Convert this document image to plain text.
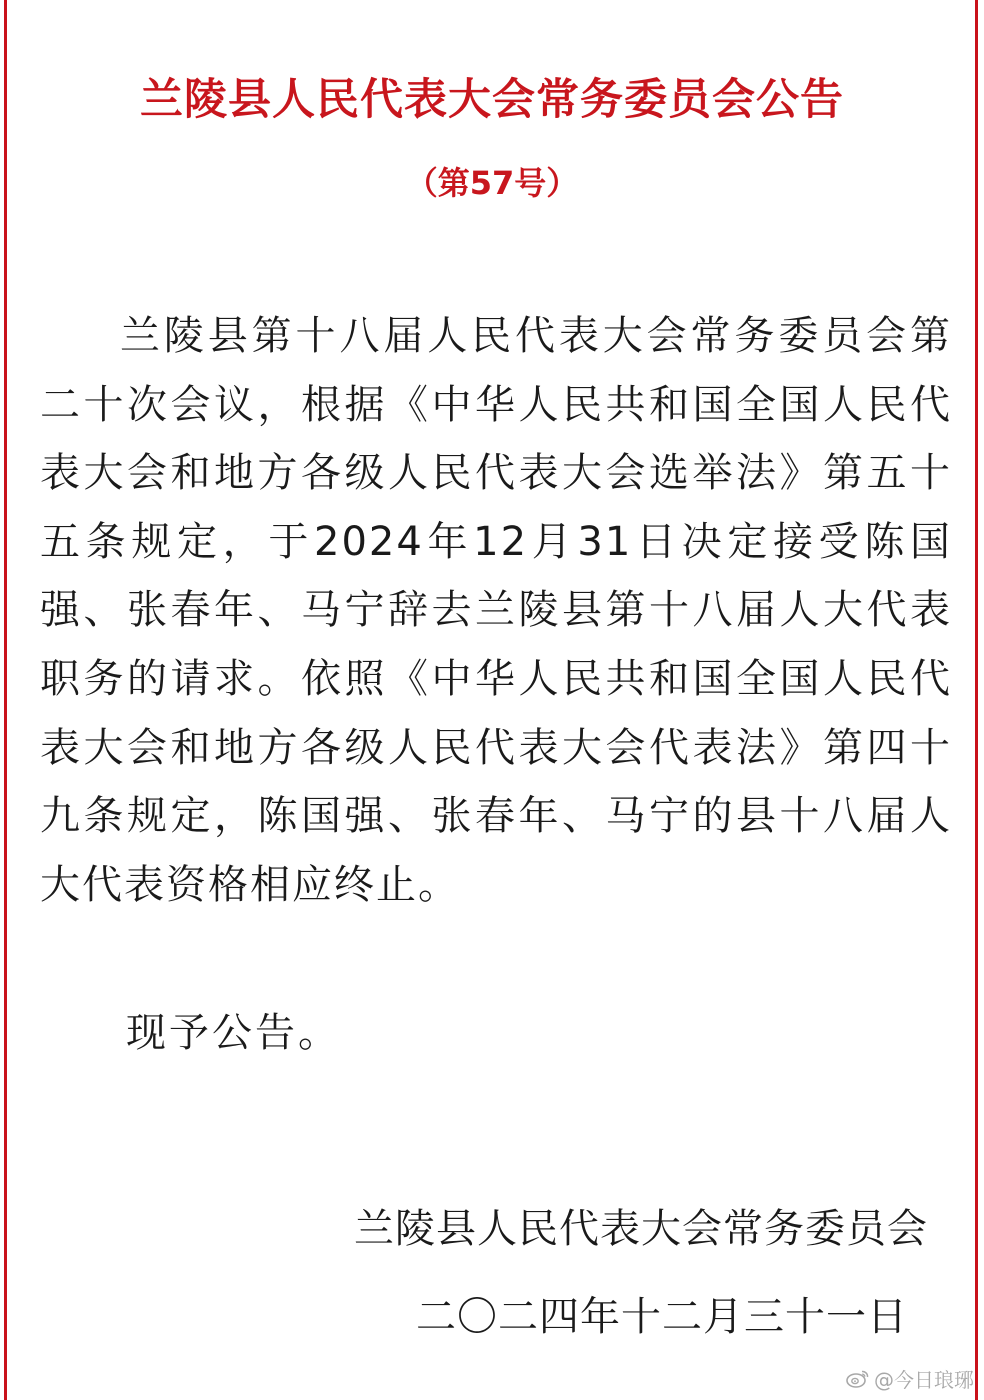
兰陵县人民代表大会常务委员会公告
（第57号）
兰陵县第十八届人民代表大会常务委员会第二十次会议，根据《中华人民共和国全国人民代表大会和地方各级人民代表大会选举法》第五十五条规定，于2024年12月31日决定接受陈国强、张春年、马宁辞去兰陵县第十八届人大代表职务的请求。依照《中华人民共和国全国人民代表大会和地方各级人民代表大会代表法》第四十九条规定，陈国强、张春年、马宁的县十八届人大代表资格相应终止。
现予公告。
兰陵县人民代表大会常务委员会
二〇二四年十二月三十一日
@今日琅琊
